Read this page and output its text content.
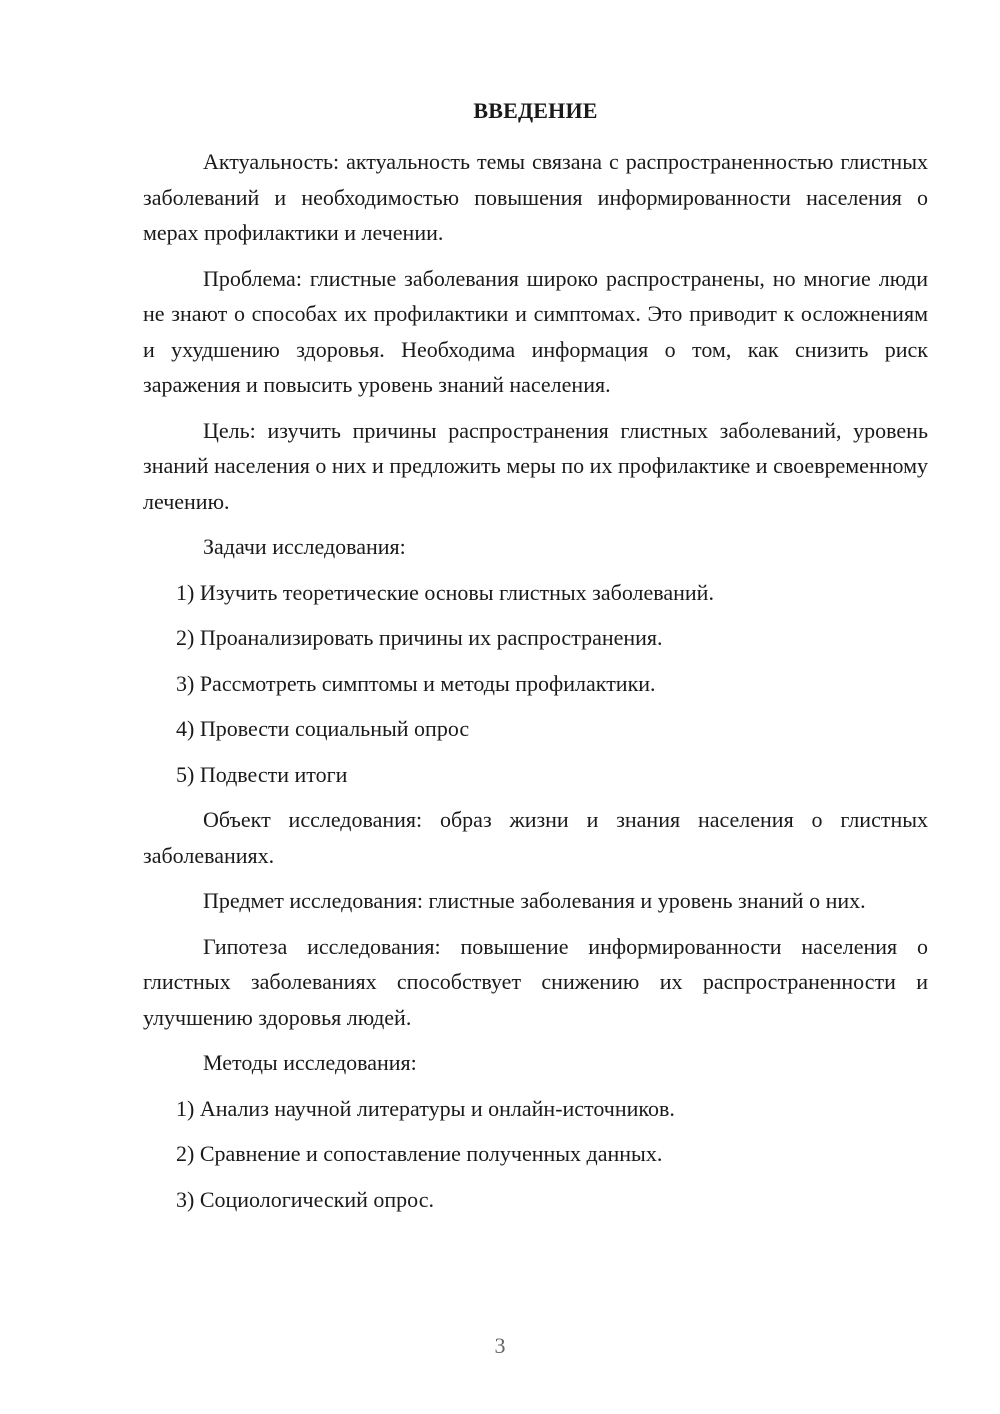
ВВЕДЕНИЕ

Актуальность: актуальность темы связана с распространенностью глистных заболеваний и необходимостью повышения информированности населения о мерах профилактики и лечении.

Проблема: глистные заболевания широко распространены, но многие люди не знают о способах их профилактики и симптомах. Это приводит к осложнениям и ухудшению здоровья. Необходима информация о том, как снизить риск заражения и повысить уровень знаний населения.

Цель: изучить причины распространения глистных заболеваний, уровень знаний населения о них и предложить меры по их профилактике и своевременному лечению.

Задачи исследования:
1) Изучить теоретические основы глистных заболеваний.
2) Проанализировать причины их распространения.
3) Рассмотреть симптомы и методы профилактики.
4) Провести социальный опрос
5) Подвести итоги

Объект исследования: образ жизни и знания населения о глистных заболеваниях.

Предмет исследования: глистные заболевания и уровень знаний о них.

Гипотеза исследования: повышение информированности населения о глистных заболеваниях способствует снижению их распространенности и улучшению здоровья людей.

Методы исследования:
1) Анализ научной литературы и онлайн-источников.
2) Сравнение и сопоставление полученных данных.
3) Социологический опрос.
3
